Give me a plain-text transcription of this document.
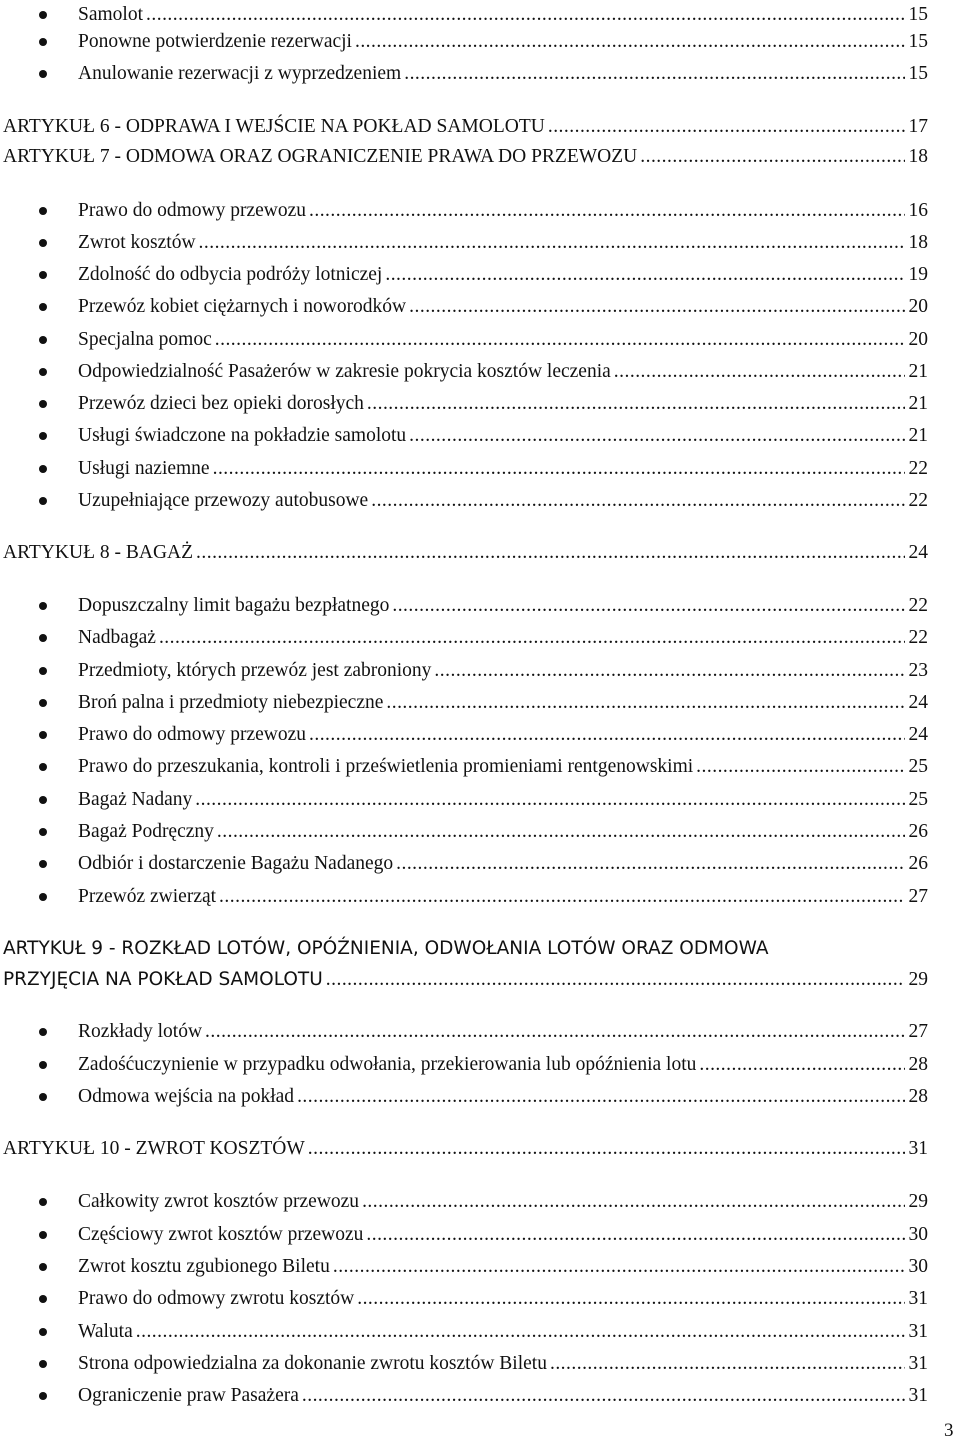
Samolot . . .	15
Ponowne potwierdzenie rezerwacji . . .	15
Anulowanie rezerwacji z wyprzedzeniem . . .	15
ARTYKUŁ 6 - ODPRAWA I WEJŚCIE NA POKŁAD SAMOLOTU . . .	17
ARTYKUŁ 7 - ODMOWA ORAZ OGRANICZENIE PRAWA DO PRZEWOZU . . .	18
Prawo do odmowy przewozu . . .	16
Zwrot kosztów . . .	18
Zdolność do odbycia podróży lotniczej . . .	19
Przewóz kobiet ciężarnych i noworodków . . .	20
Specjalna pomoc . . .	20
Odpowiedzialność Pasażerów w zakresie pokrycia kosztów leczenia . . .	21
Przewóz dzieci bez opieki dorosłych . . .	21
Usługi świadczone na pokładzie samolotu . . .	21
Usługi naziemne . . .	22
Uzupełniające przewozy autobusowe . . .	22
ARTYKUŁ 8 - BAGAŻ . . .	24
Dopuszczalny limit bagażu bezpłatnego . . .	22
Nadbagaż . . .	22
Przedmioty, których przewóz jest zabroniony . . .	23
Broń palna i przedmioty niebezpieczne . . .	24
Prawo do odmowy przewozu . . .	24
Prawo do przeszukania, kontroli i prześwietlenia promieniami rentgenowskimi . . .	25
Bagaż Nadany . . .	25
Bagaż Podręczny . . .	26
Odbiór i dostarczenie Bagażu Nadanego . . .	26
Przewóz zwierząt . . .	27
ARTYKUŁ 9 - ROZKŁAD LOTÓW, OPÓŹNIENIA, ODWOŁANIA LOTÓW ORAZ ODMOWA
PRZYJĘCIA NA POKŁAD SAMOLOTU . . .	29
Rozkłady lotów . . .	27
Zadośćuczynienie w przypadku odwołania, przekierowania lub opóźnienia lotu . . .	28
Odmowa wejścia na pokład . . .	28
ARTYKUŁ 10 - ZWROT KOSZTÓW . . .	31
Całkowity zwrot kosztów przewozu . . .	29
Częściowy zwrot kosztów przewozu . . .	30
Zwrot kosztu zgubionego Biletu . . .	30
Prawo do odmowy zwrotu kosztów . . .	31
Waluta . . .	31
Strona odpowiedzialna za dokonanie zwrotu kosztów Biletu . . .	31
Ograniczenie praw Pasażera . . .	31
3
